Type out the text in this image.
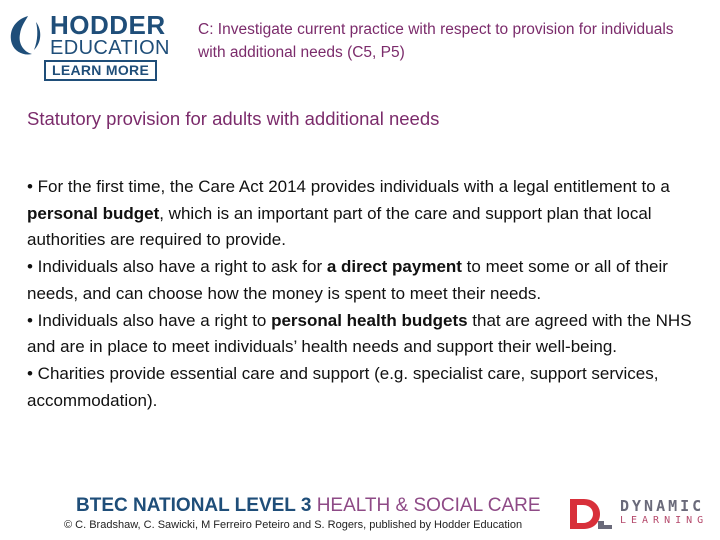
HODDER
EDUCATION
LEARN MORE
C: Investigate current practice with respect to provision for individuals with additional needs (C5, P5)
Statutory provision for adults with additional needs

• For the first time, the Care Act 2014 provides individuals with a legal entitlement to a personal budget, which is an important part of the care and support plan that local authorities are required to provide.

• Individuals also have a right to ask for a direct payment to meet some or all of their needs, and can choose how the money is spent to meet their needs.

• Individuals also have a right to personal health budgets that are agreed with the NHS and are in place to meet individuals’ health needs and support their well-being.

• Charities provide essential care and support (e.g. specialist care, support services, accommodation).

BTEC NATIONAL LEVEL 3 HEALTH & SOCIAL CARE
© C. Bradshaw, C. Sawicki, M Ferreiro Peteiro and S. Rogers, published by Hodder Education
DYNAMIC
LEARNING
